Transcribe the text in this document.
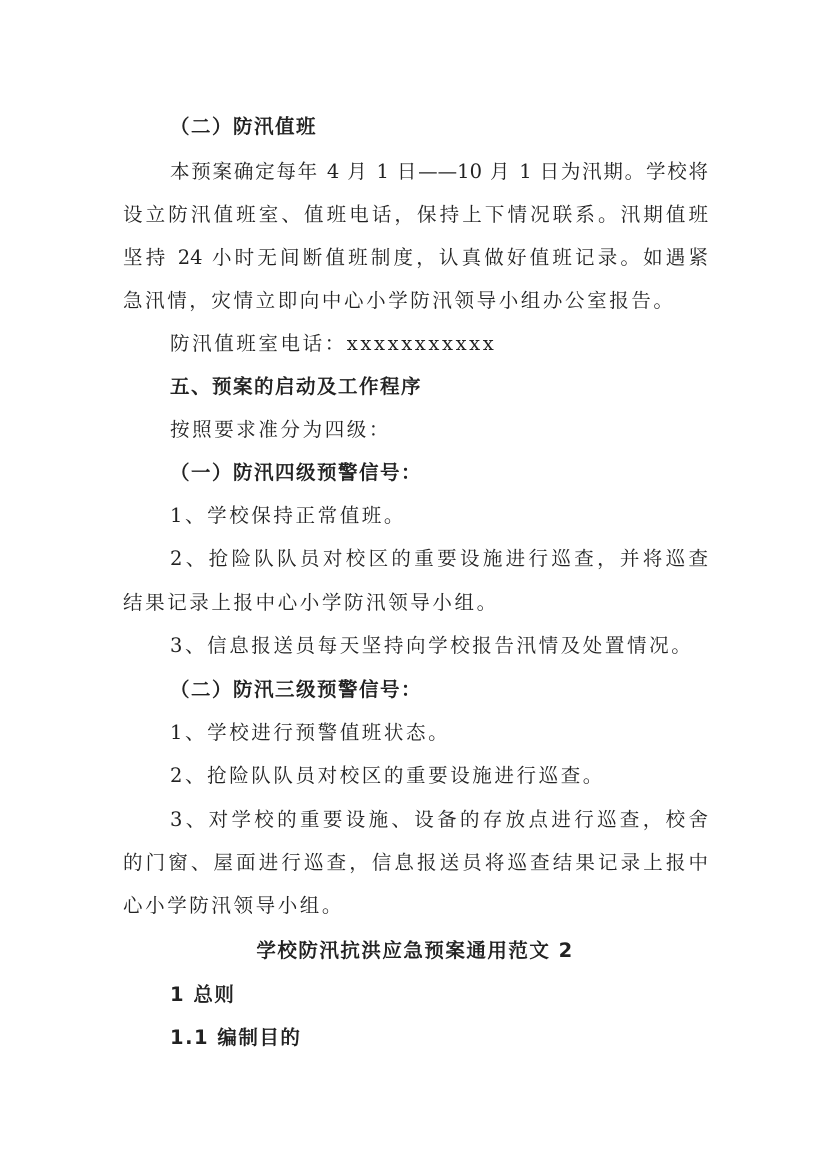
（二）防汛值班
本预案确定每年 4 月 1 日——10 月 1 日为汛期。学校将
设立防汛值班室、值班电话，保持上下情况联系。汛期值班
坚持 24 小时无间断值班制度，认真做好值班记录。如遇紧
急汛情，灾情立即向中心小学防汛领导小组办公室报告。
防汛值班室电话：xxxxxxxxxxx
五、预案的启动及工作程序
按照要求准分为四级：
（一）防汛四级预警信号：
1、学校保持正常值班。
2、抢险队队员对校区的重要设施进行巡查，并将巡查
结果记录上报中心小学防汛领导小组。
3、信息报送员每天坚持向学校报告汛情及处置情况。
（二）防汛三级预警信号：
1、学校进行预警值班状态。
2、抢险队队员对校区的重要设施进行巡查。
3、对学校的重要设施、设备的存放点进行巡查，校舍
的门窗、屋面进行巡查，信息报送员将巡查结果记录上报中
心小学防汛领导小组。
学校防汛抗洪应急预案通用范文 2
1 总则
1.1 编制目的
